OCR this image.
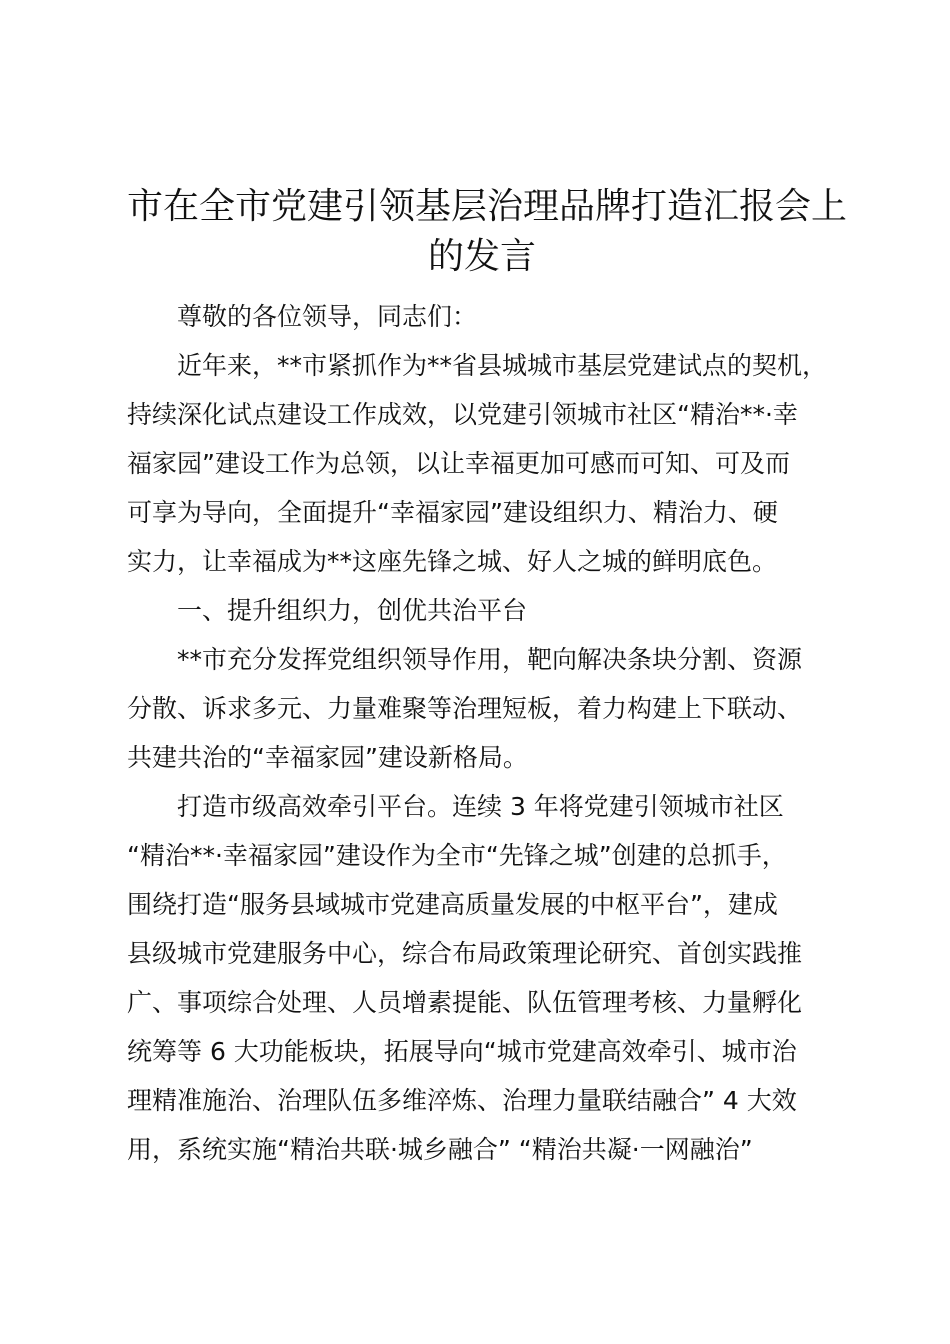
市在全市党建引领基层治理品牌打造汇报会上
的发言

尊敬的各位领导，同志们：

近年来，**市紧抓作为**省县城城市基层党建试点的契机，
持续深化试点建设工作成效，以党建引领城市社区“精治**·幸
福家园”建设工作为总领，以让幸福更加可感而可知、可及而
可享为导向，全面提升“幸福家园”建设组织力、精治力、硬
实力，让幸福成为**这座先锋之城、好人之城的鲜明底色。

一、提升组织力，创优共治平台

**市充分发挥党组织领导作用，靶向解决条块分割、资源
分散、诉求多元、力量难聚等治理短板，着力构建上下联动、
共建共治的“幸福家园”建设新格局。

打造市级高效牵引平台。连续 3 年将党建引领城市社区
“精治**·幸福家园”建设作为全市“先锋之城”创建的总抓手，
围绕打造“服务县域城市党建高质量发展的中枢平台”，建成
县级城市党建服务中心，综合布局政策理论研究、首创实践推
广、事项综合处理、人员增素提能、队伍管理考核、力量孵化
统筹等 6 大功能板块，拓展导向“城市党建高效牵引、城市治
理精准施治、治理队伍多维淬炼、治理力量联结融合” 4 大效
用，系统实施“精治共联·城乡融合” “精治共凝·一网融治”
